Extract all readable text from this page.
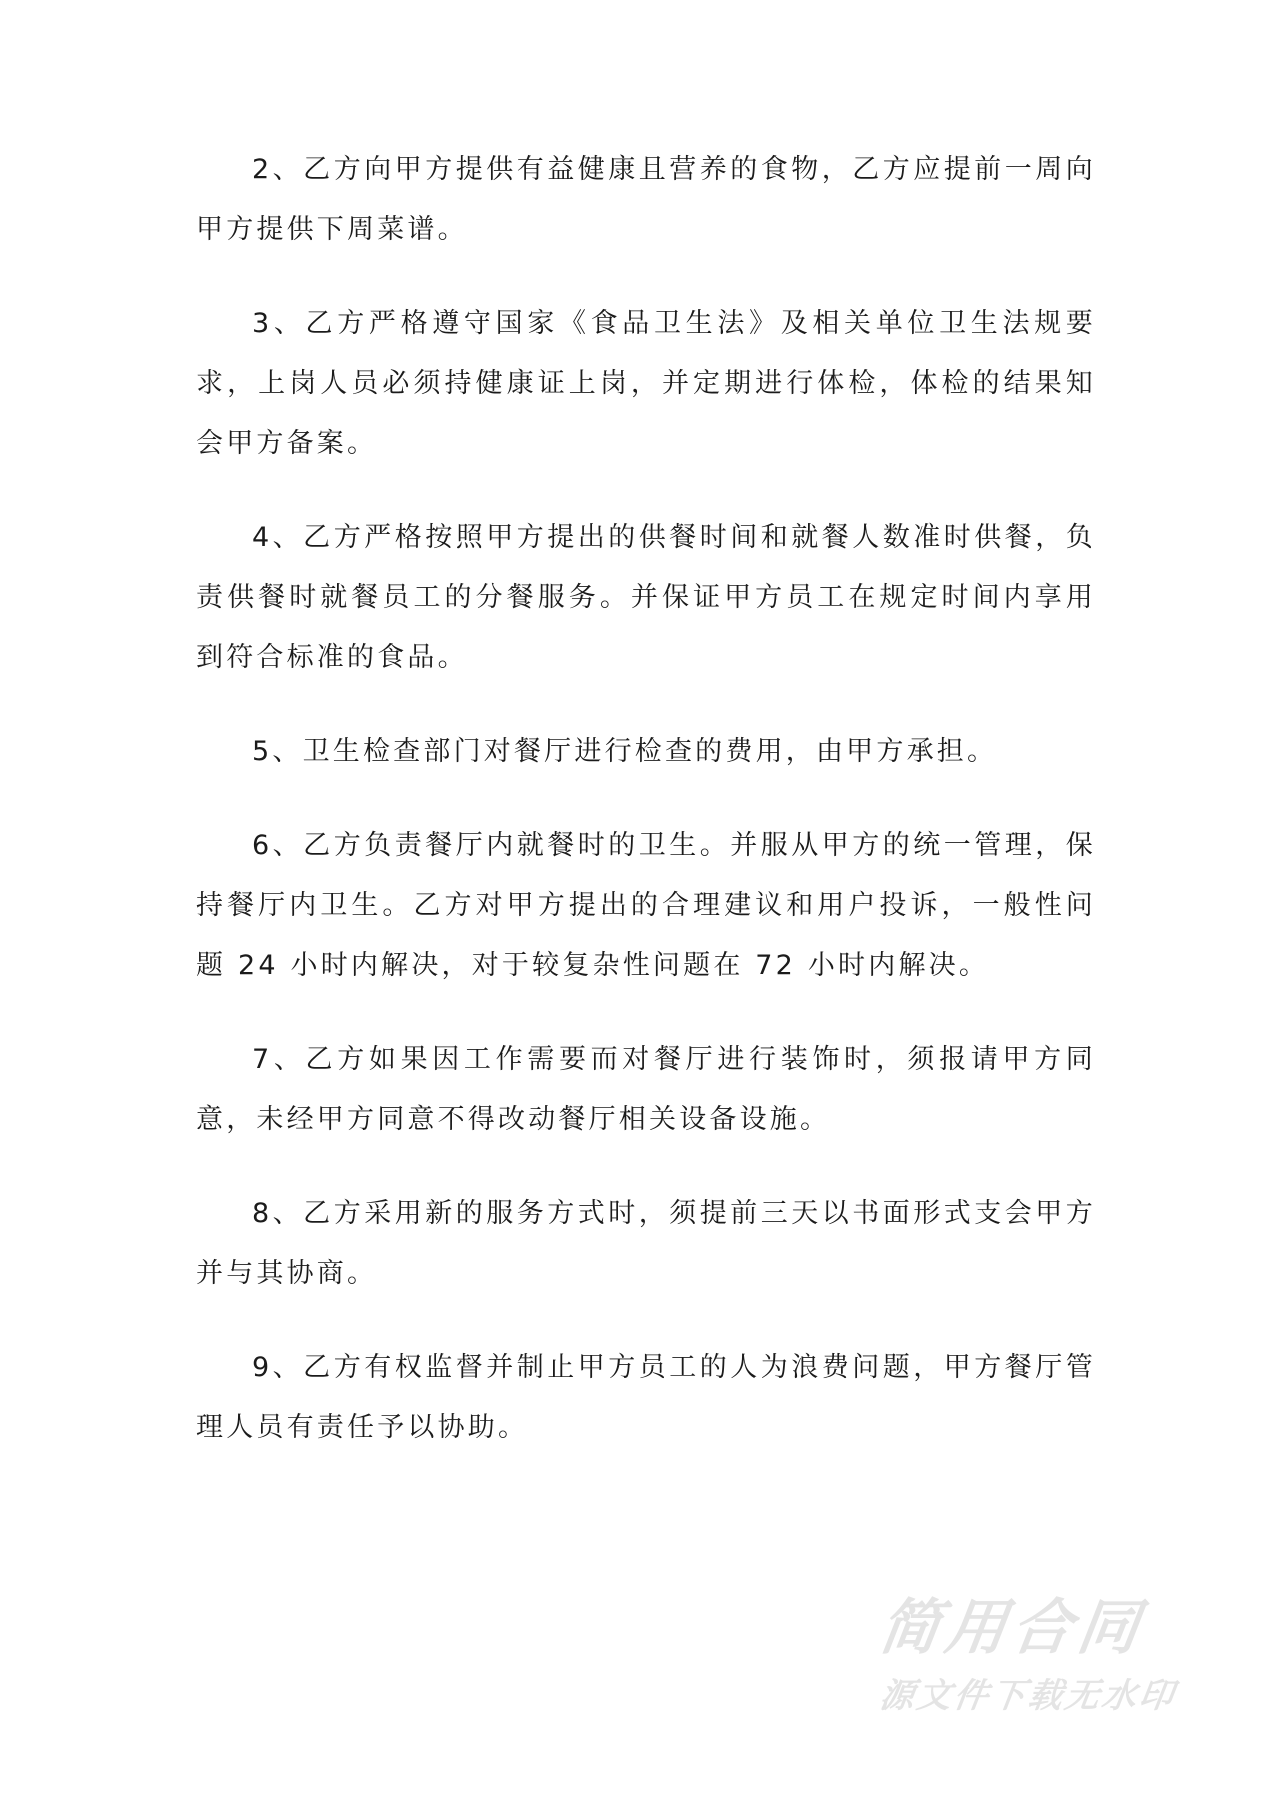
2、乙方向甲方提供有益健康且营养的食物，乙方应提前一周向甲方提供下周菜谱。

3、乙方严格遵守国家《食品卫生法》及相关单位卫生法规要求，上岗人员必须持健康证上岗，并定期进行体检，体检的结果知会甲方备案。

4、乙方严格按照甲方提出的供餐时间和就餐人数准时供餐，负责供餐时就餐员工的分餐服务。并保证甲方员工在规定时间内享用到符合标准的食品。

5、卫生检查部门对餐厅进行检查的费用，由甲方承担。

6、乙方负责餐厅内就餐时的卫生。并服从甲方的统一管理，保持餐厅内卫生。乙方对甲方提出的合理建议和用户投诉，一般性问题 24 小时内解决，对于较复杂性问题在 72 小时内解决。

7、乙方如果因工作需要而对餐厅进行装饰时，须报请甲方同意，未经甲方同意不得改动餐厅相关设备设施。

8、乙方采用新的服务方式时，须提前三天以书面形式支会甲方并与其协商。

9、乙方有权监督并制止甲方员工的人为浪费问题，甲方餐厅管理人员有责任予以协助。

简用合同
源文件下载无水印
